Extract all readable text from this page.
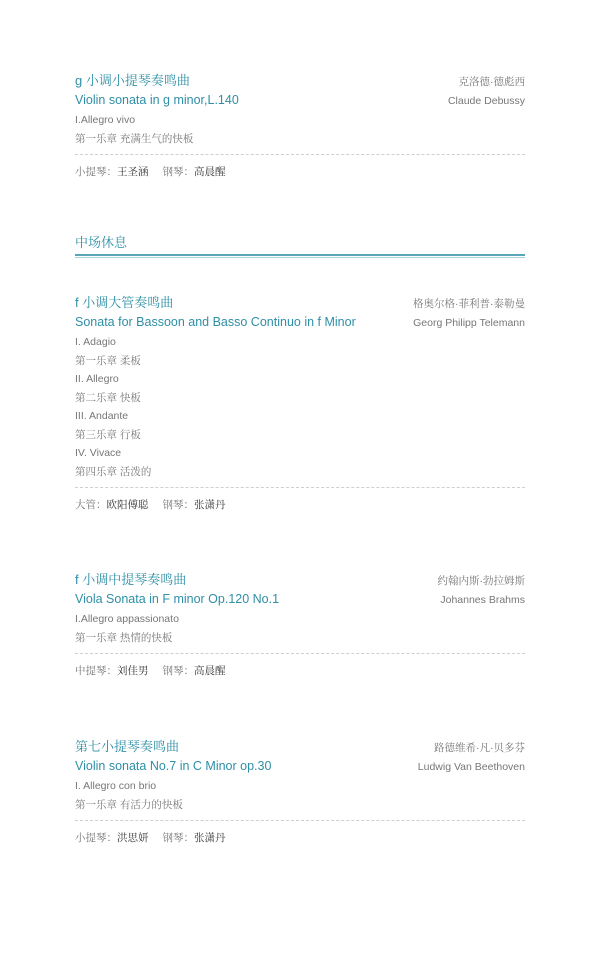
g 小调小提琴奏鸣曲	克洛德·德彪西
Violin sonata in g minor,L.140	Claude Debussy
I.Allegro vivo
第一乐章 充满生气的快板
小提琴：王圣涵 钢琴：高晨醒
中场休息
f 小调大管奏鸣曲	格奥尔格·菲利普·泰勒曼
Sonata for Bassoon and Basso Continuo in f Minor	Georg Philipp Telemann
I. Adagio
第一乐章 柔板
II. Allegro
第二乐章 快板
III. Andante
第三乐章 行板
IV. Vivace
第四乐章 活泼的
大管：欧阳傅聪 钢琴：张潇丹
f 小调中提琴奏鸣曲	约翰内斯·勃拉姆斯
Viola Sonata in F minor Op.120 No.1	Johannes Brahms
I.Allegro appassionato
第一乐章 热情的快板
中提琴：刘佳男 钢琴：高晨醒
第七小提琴奏鸣曲	路德维希·凡·贝多芬
Violin sonata No.7 in C Minor op.30	Ludwig Van Beethoven
I. Allegro con brio
第一乐章 有活力的快板
小提琴：洪思妍 钢琴：张潇丹
